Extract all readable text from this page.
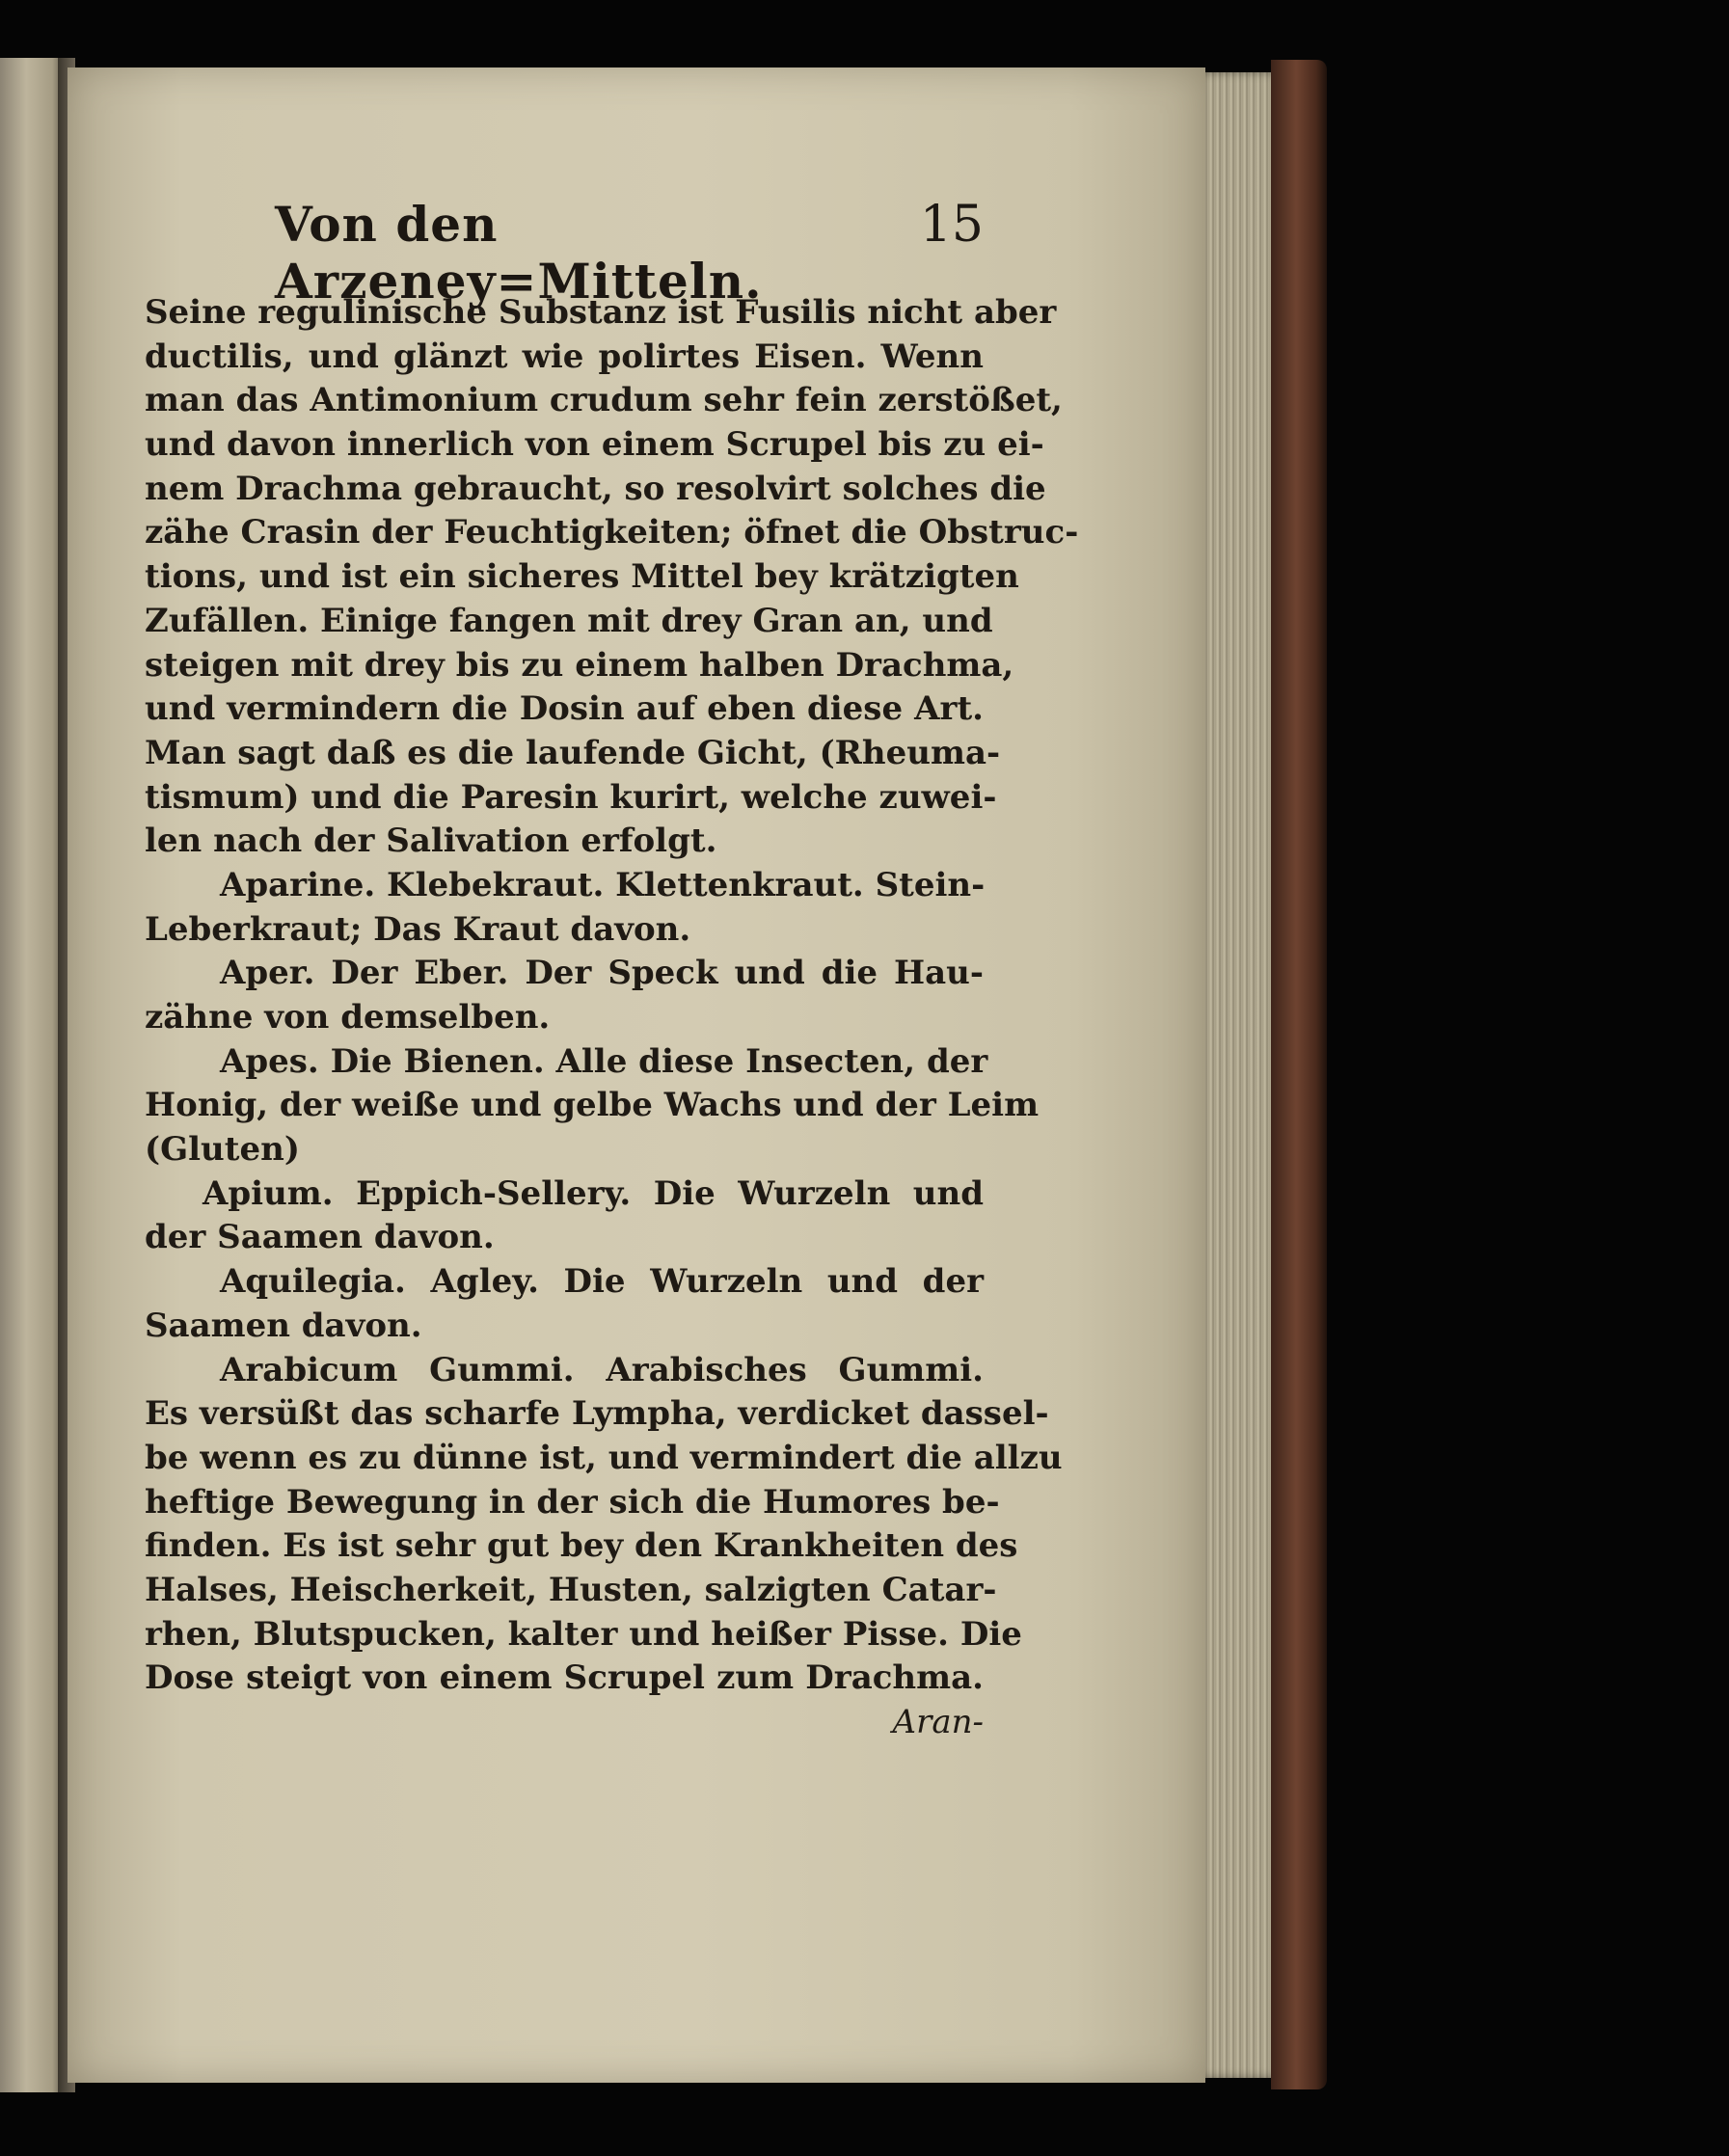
Von den Arzeney=Mitteln.
15
Seine regulinische Substanz ist Fusilis nicht aber
ductilis, und glänzt wie polirtes Eisen. Wenn
man das Antimonium crudum sehr fein zerstößet,
und davon innerlich von einem Scrupel bis zu ei-
nem Drachma gebraucht, so resolvirt solches die
zähe Crasin der Feuchtigkeiten; öfnet die Obstruc-
tions, und ist ein sicheres Mittel bey krätzigten
Zufällen. Einige fangen mit drey Gran an, und
steigen mit drey bis zu einem halben Drachma,
und vermindern die Dosin auf eben diese Art.
Man sagt daß es die laufende Gicht, (Rheuma-
tismum) und die Paresin kurirt, welche zuwei-
len nach der Salivation erfolgt.
Aparine. Klebekraut. Klettenkraut. Stein-
Leberkraut; Das Kraut davon.
Aper. Der Eber. Der Speck und die Hau-
zähne von demselben.
Apes. Die Bienen. Alle diese Insecten, der
Honig, der weiße und gelbe Wachs und der Leim
(Gluten)
Apium. Eppich-Sellery. Die Wurzeln und
der Saamen davon.
Aquilegia. Agley. Die Wurzeln und der
Saamen davon.
Arabicum Gummi. Arabisches Gummi.
Es versüßt das scharfe Lympha, verdicket dassel-
be wenn es zu dünne ist, und vermindert die allzu
heftige Bewegung in der sich die Humores be-
finden. Es ist sehr gut bey den Krankheiten des
Halses, Heischerkeit, Husten, salzigten Catar-
rhen, Blutspucken, kalter und heißer Pisse. Die
Dose steigt von einem Scrupel zum Drachma.
Aran-
